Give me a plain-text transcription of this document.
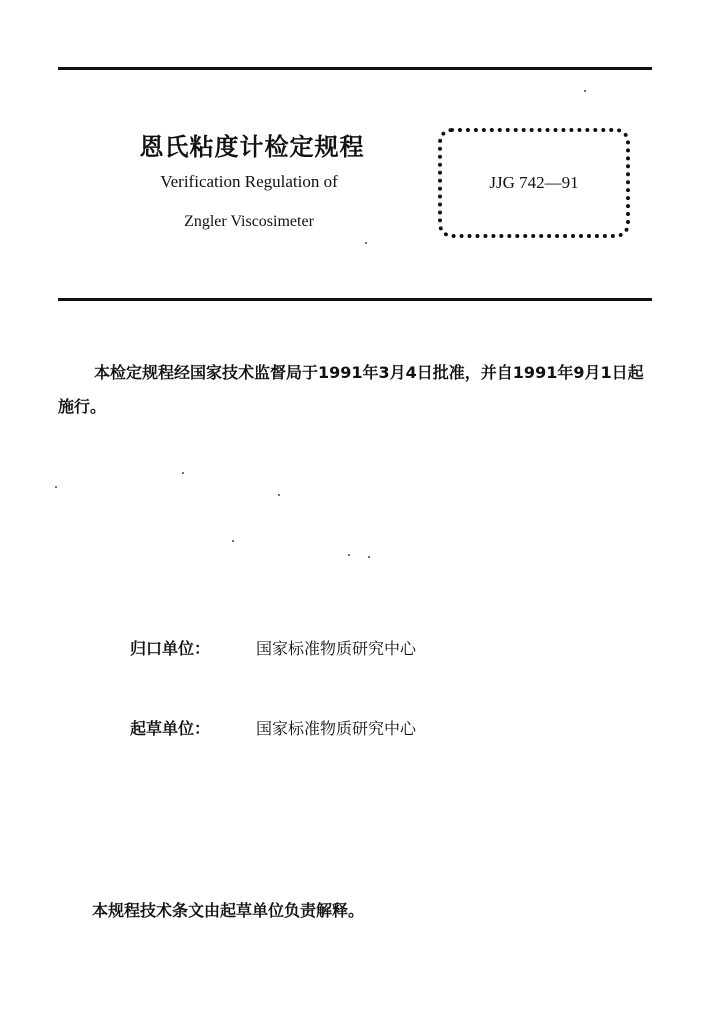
恩氏粘度计检定规程
Verification Regulation of
Zngler Viscosimeter
JJG 742—91
本检定规程经国家技术监督局于1991年3月4日批准，并自1991年9月1日起施行。
归口单位：	国家标准物质研究中心
起草单位：	国家标准物质研究中心
本规程技术条文由起草单位负责解释。
